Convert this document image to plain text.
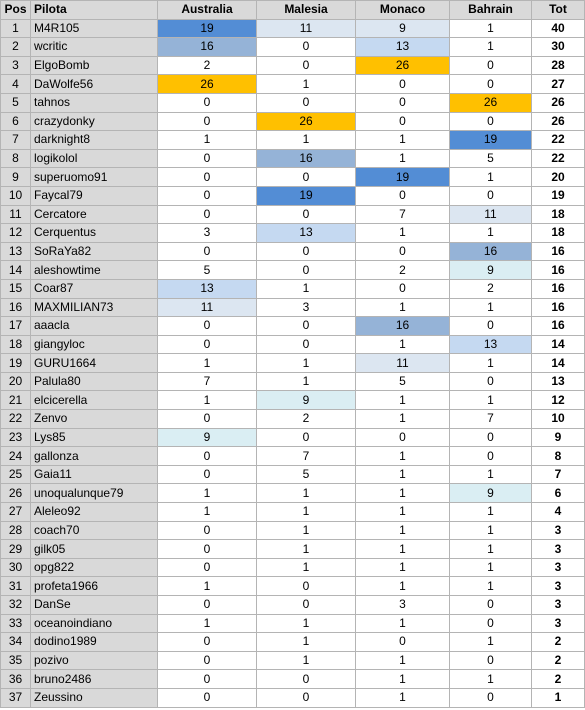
Pos	Pilota	Australia	Malesia	Monaco	Bahrain	Tot
1	M4R105	19	11	9	1	40
2	wcritic	16	0	13	1	30
3	ElgoBomb	2	0	26	0	28
4	DaWolfe56	26	1	0	0	27
5	tahnos	0	0	0	26	26
6	crazydonky	0	26	0	0	26
7	darknight8	1	1	1	19	22
8	logikolol	0	16	1	5	22
9	superuomo91	0	0	19	1	20
10	Faycal79	0	19	0	0	19
11	Cercatore	0	0	7	11	18
12	Cerquentus	3	13	1	1	18
13	SoRaYa82	0	0	0	16	16
14	aleshowtime	5	0	2	9	16
15	Coar87	13	1	0	2	16
16	MAXMILIAN73	11	3	1	1	16
17	aaacla	0	0	16	0	16
18	giangyloc	0	0	1	13	14
19	GURU1664	1	1	11	1	14
20	Palula80	7	1	5	0	13
21	elcicerella	1	9	1	1	12
22	Zenvo	0	2	1	7	10
23	Lys85	9	0	0	0	9
24	gallonza	0	7	1	0	8
25	Gaia11	0	5	1	1	7
26	unoqualunque79	1	1	1	9	6
27	Aleleo92	1	1	1	1	4
28	coach70	0	1	1	1	3
29	gilk05	0	1	1	1	3
30	opg822	0	1	1	1	3
31	profeta1966	1	0	1	1	3
32	DanSe	0	0	3	0	3
33	oceanoindiano	1	1	1	0	3
34	dodino1989	0	1	0	1	2
35	pozivo	0	1	1	0	2
36	bruno2486	0	0	1	1	2
37	Zeussino	0	0	1	0	1
